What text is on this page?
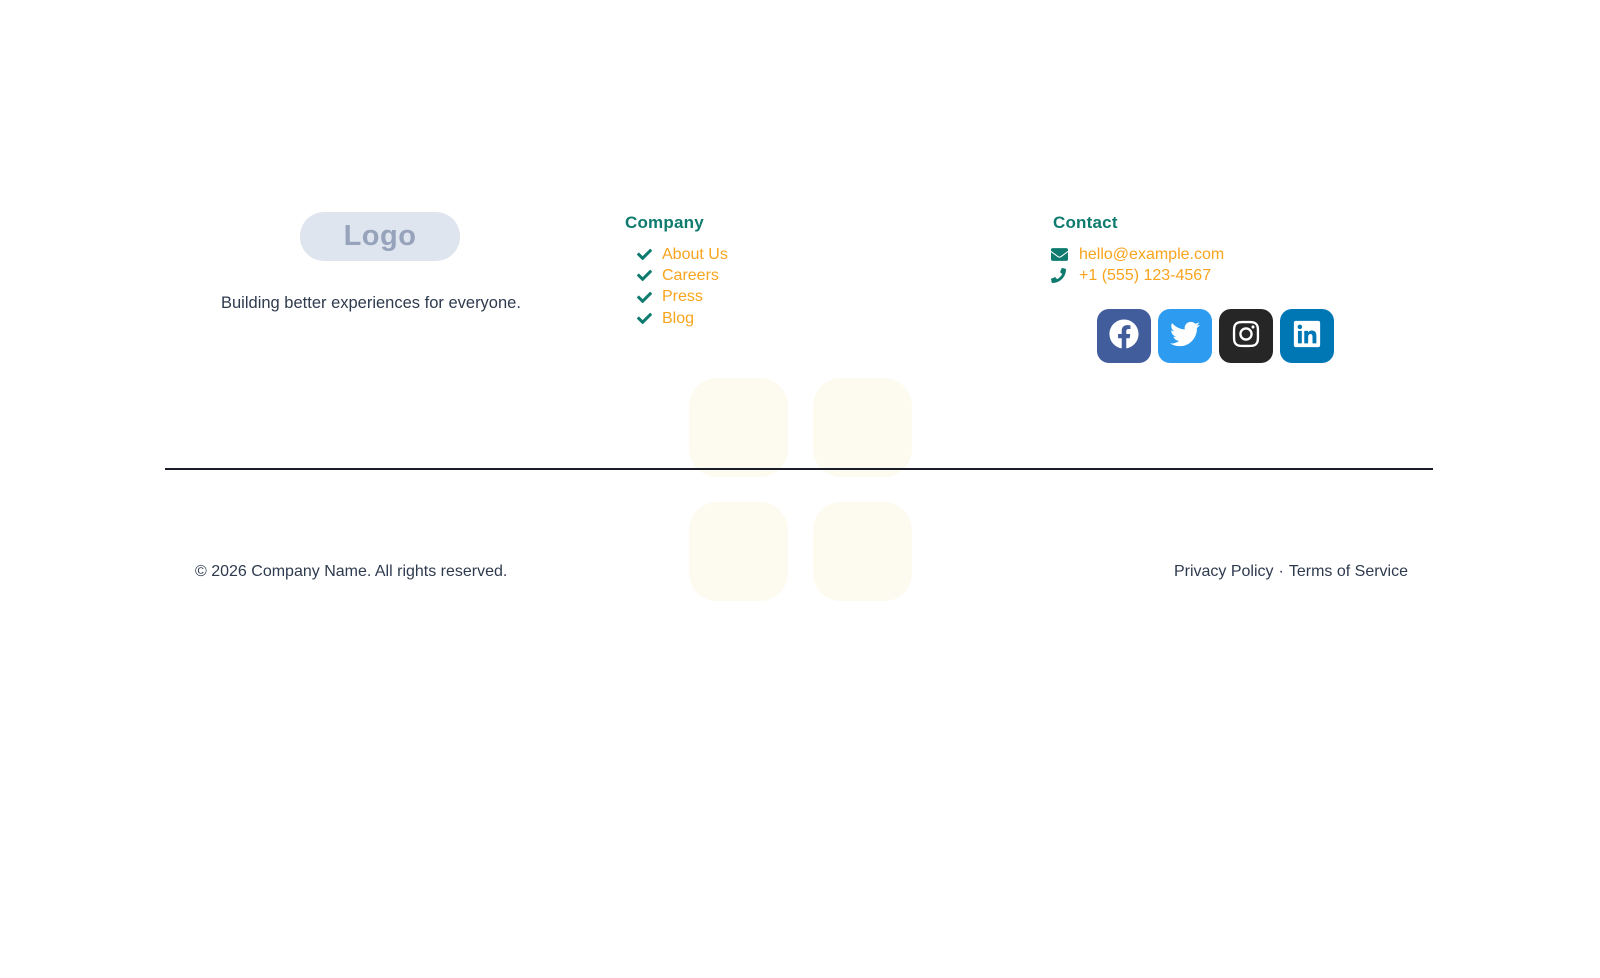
Logo
Building better experiences for everyone.
Company
About Us
Careers
Press
Blog
Contact
hello@example.com
+1 (555) 123-4567
© 2026 Company Name. All rights reserved.	Privacy Policy · Terms of Service
